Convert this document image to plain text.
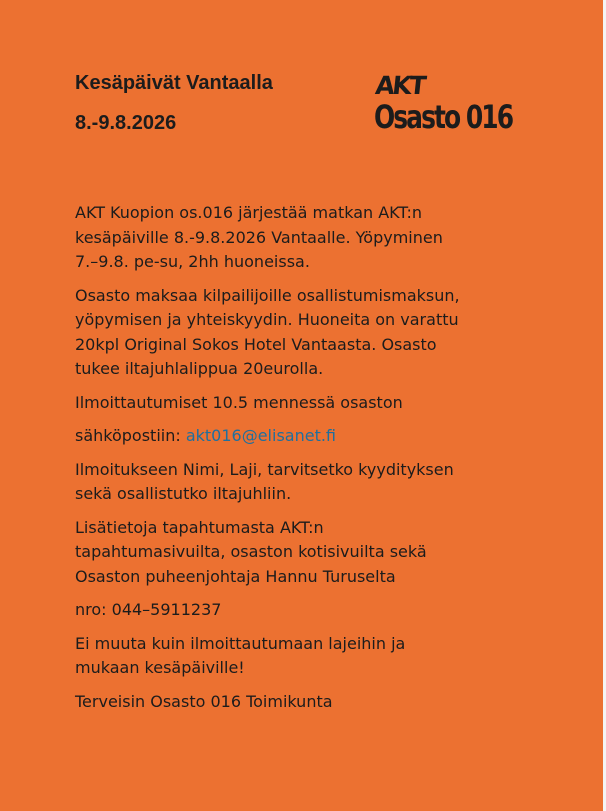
Kesäpäivät Vantaalla
8.-9.8.2026
AKT
Osasto 016

AKT Kuopion os.016 järjestää matkan AKT:n
kesäpäiville 8.-9.8.2026 Vantaalle. Yöpyminen
7.–9.8. pe-su, 2hh huoneissa.

Osasto maksaa kilpailijoille osallistumismaksun,
yöpymisen ja yhteiskyydin. Huoneita on varattu
20kpl Original Sokos Hotel Vantaasta. Osasto
tukee iltajuhlalippua 20eurolla.

Ilmoittautumiset 10.5 mennessä osaston

sähköpostiin: akt016@elisanet.fi

Ilmoitukseen Nimi, Laji, tarvitsetko kyydityksen
sekä osallistutko iltajuhliin.

Lisätietoja tapahtumasta AKT:n
tapahtumasivuilta, osaston kotisivuilta sekä
Osaston puheenjohtaja Hannu Turuselta

nro: 044–5911237

Ei muuta kuin ilmoittautumaan lajeihin ja
mukaan kesäpäiville!

Terveisin Osasto 016 Toimikunta
